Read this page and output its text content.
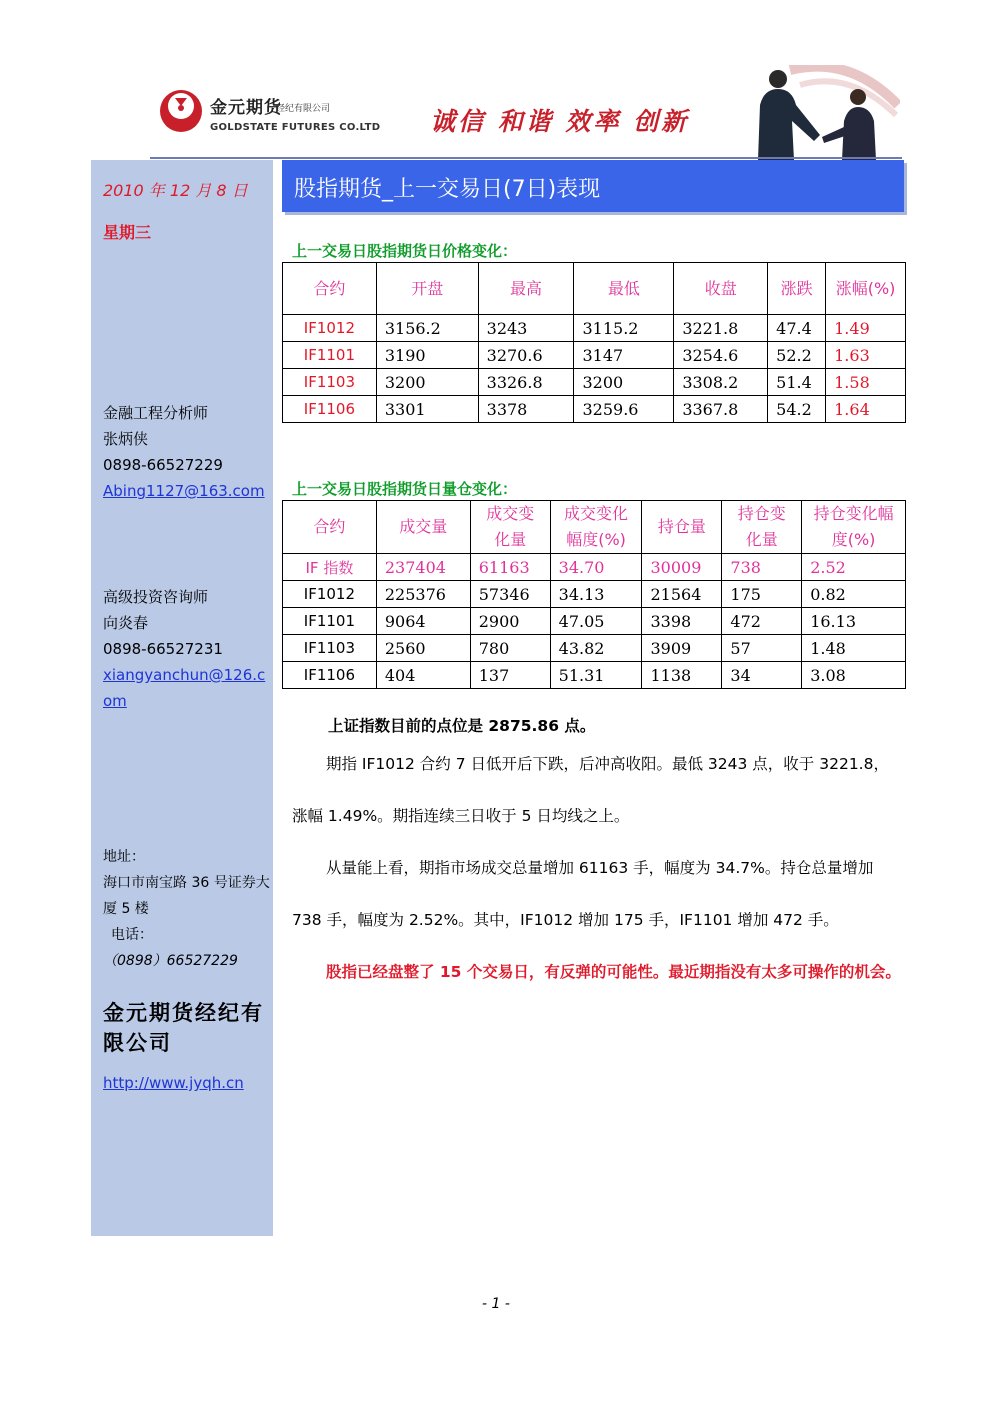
金元期货
经纪有限公司
GOLDSTATE FUTURES CO.LTD 诚信 和谐 效率 创新
2010 年 12 月 8 日
星期三
金融工程分析师
张炳侠
0898-66527229
Abing1127@163.com
高级投资咨询师
向炎春
0898-66527231
xiangyanchun@126.com
地址：
海口市南宝路 36 号证券大厦 5 楼
电话：
（0898）66527229
金元期货经纪有限公司
http://www.jyqh.cn
股指期货_上一交易日(7日)表现
上一交易日股指期货日价格变化：
合约	开盘	最高	最低	收盘	涨跌	涨幅(%)
IF1012	3156.2	3243	3115.2	3221.8	47.4	1.49
IF1101	3190	3270.6	3147	3254.6	52.2	1.63
IF1103	3200	3326.8	3200	3308.2	51.4	1.58
IF1106	3301	3378	3259.6	3367.8	54.2	1.64
上一交易日股指期货日量仓变化：
合约	成交量	成交变化量	成交变化幅度(%)	持仓量	持仓变化量	持仓变化幅度(%)
IF 指数	237404	61163	34.70	30009	738	2.52
IF1012	225376	57346	34.13	21564	175	0.82
IF1101	9064	2900	47.05	3398	472	16.13
IF1103	2560	780	43.82	3909	57	1.48
IF1106	404	137	51.31	1138	34	3.08
上证指数目前的点位是 2875.86 点。
期指 IF1012 合约 7 日低开后下跌，后冲高收阳。最低 3243 点，收于 3221.8，涨幅 1.49%。期指连续三日收于 5 日均线之上。
从量能上看，期指市场成交总量增加 61163 手，幅度为 34.7%。持仓总量增加 738 手，幅度为 2.52%。其中，IF1012 增加 175 手，IF1101 增加 472 手。
股指已经盘整了 15 个交易日，有反弹的可能性。最近期指没有太多可操作的机会。
- 1 -
